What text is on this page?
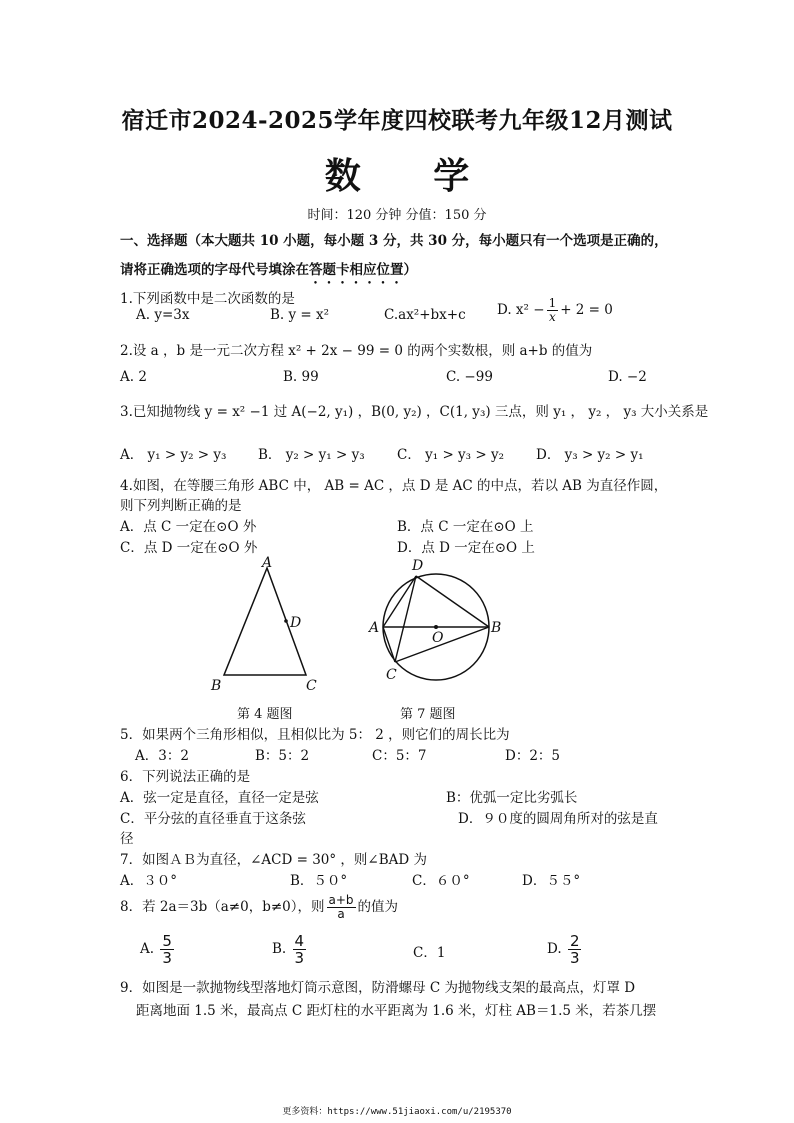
宿迁市2024-2025学年度四校联考九年级12月测试
数 学
时间：120 分钟 分值：150 分
一、选择题（本大题共 10 小题，每小题 3 分，共 30 分，每小题只有一个选项是正确的，
请将正确选项的字母代号填涂在答题卡相应位置）
1.下列函数中是二次函数的是
A. y=3x	B. y = x²	C.ax²+bx+c D. $x^2 - \frac{1}{x} + 2 = 0$
2.设 a ，b 是一元二次方程 x² + 2x − 99 = 0 的两个实数根，则 a+b 的值为
A. 2	B. 99	C. −99	D. −2
3.已知抛物线 y = x² −1 过 A(−2, y₁) ，B(0, y₂) ，C(1, y₃) 三点，则 y₁ ， y₂ ， y₃ 大小关系是
A． y₁ > y₂ > y₃ B． y₂ > y₁ > y₃ C． y₁ > y₃ > y₂ D． y₃ > y₂ > y₁
4.如图，在等腰三角形 ABC 中， AB = AC ，点 D 是 AC 的中点，若以 AB 为直径作圆，
则下列判断正确的是
A．点 C 一定在⊙O 外	B．点 C 一定在⊙O 上
C．点 D 一定在⊙O 外	D．点 D 一定在⊙O 上
A
D
B	C
D
A	B
O
C
第 4 题图	第 7 题图
5．如果两个三角形相似，且相似比为 5： 2 ，则它们的周长比为
A．3：2	B：5：2	C：5：7	D：2：5
6．下列说法正确的是
A．弦一定是直径，直径一定是弦	B：优弧一定比劣弧长
C．平分弦的直径垂直于这条弦	D．９０度的圆周角所对的弦是直
径
7．如图ＡＢ为直径，∠ACD = 30° ，则∠BAD 为
A．３０°	B．５０°	C．６０°	D．５５°
8．若 2a＝3b（a≠0，b≠0），则 $\frac{a+b}{a}$ 的值为
A. $\frac{5}{3}$	B. $\frac{4}{3}$	C．1	D. $\frac{2}{3}$
9．如图是一款抛物线型落地灯筒示意图，防滑螺母 C 为抛物线支架的最高点，灯罩 D
距离地面 1.5 米，最高点 C 距灯柱的水平距离为 1.6 米，灯柱 AB＝1.5 米，若茶几摆
更多资料：https://www.51jiaoxi.com/u/2195370
